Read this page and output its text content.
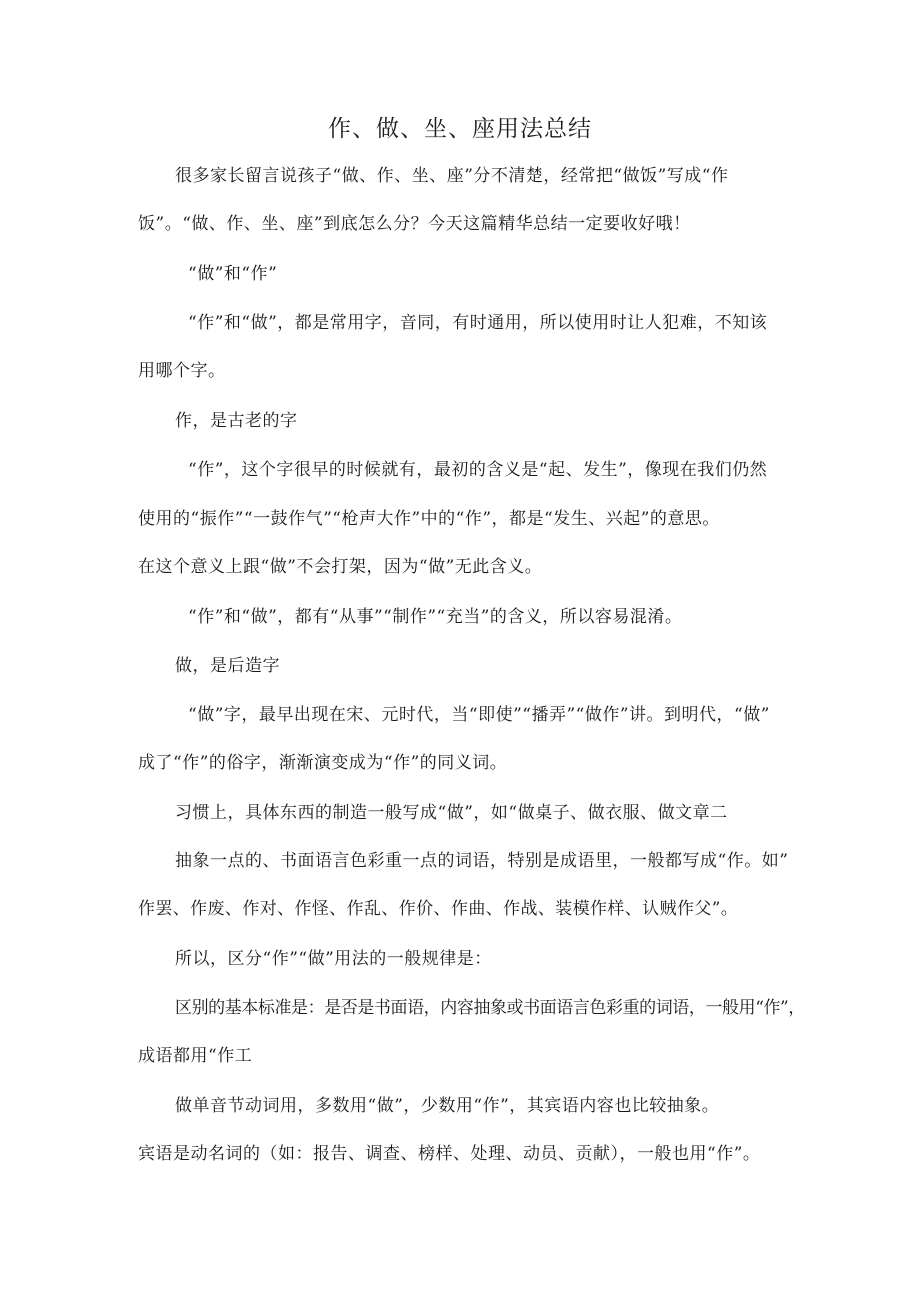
作、做、坐、座用法总结
很多家长留言说孩子“做、作、坐、座”分不清楚，经常把“做饭”写成“作
饭”。“做、作、坐、座”到底怎么分？今天这篇精华总结一定要收好哦！
“做”和“作”
“作”和“做”，都是常用字，音同，有时通用，所以使用时让人犯难，不知该
用哪个字。
作，是古老的字
“作”，这个字很早的时候就有，最初的含义是“起、发生”，像现在我们仍然
使用的“振作”“一鼓作气”“枪声大作”中的“作”，都是“发生、兴起”的意思。
在这个意义上跟“做”不会打架，因为“做”无此含义。
“作”和“做”，都有“从事”“制作”“充当”的含义，所以容易混淆。
做，是后造字
“做”字，最早出现在宋、元时代，当“即使”“播弄”“做作”讲。到明代，“做”
成了“作”的俗字，渐渐演变成为“作”的同义词。
习惯上，具体东西的制造一般写成“做”，如“做桌子、做衣服、做文章二
抽象一点的、书面语言色彩重一点的词语，特别是成语里，一般都写成“作。如”
作罢、作废、作对、作怪、作乱、作价、作曲、作战、装模作样、认贼作父”。
所以，区分“作”“做”用法的一般规律是：
区别的基本标准是：是否是书面语，内容抽象或书面语言色彩重的词语，一般用“作”，
成语都用“作工
做单音节动词用，多数用“做”，少数用“作”，其宾语内容也比较抽象。
宾语是动名词的（如：报告、调查、榜样、处理、动员、贡献），一般也用“作”。
